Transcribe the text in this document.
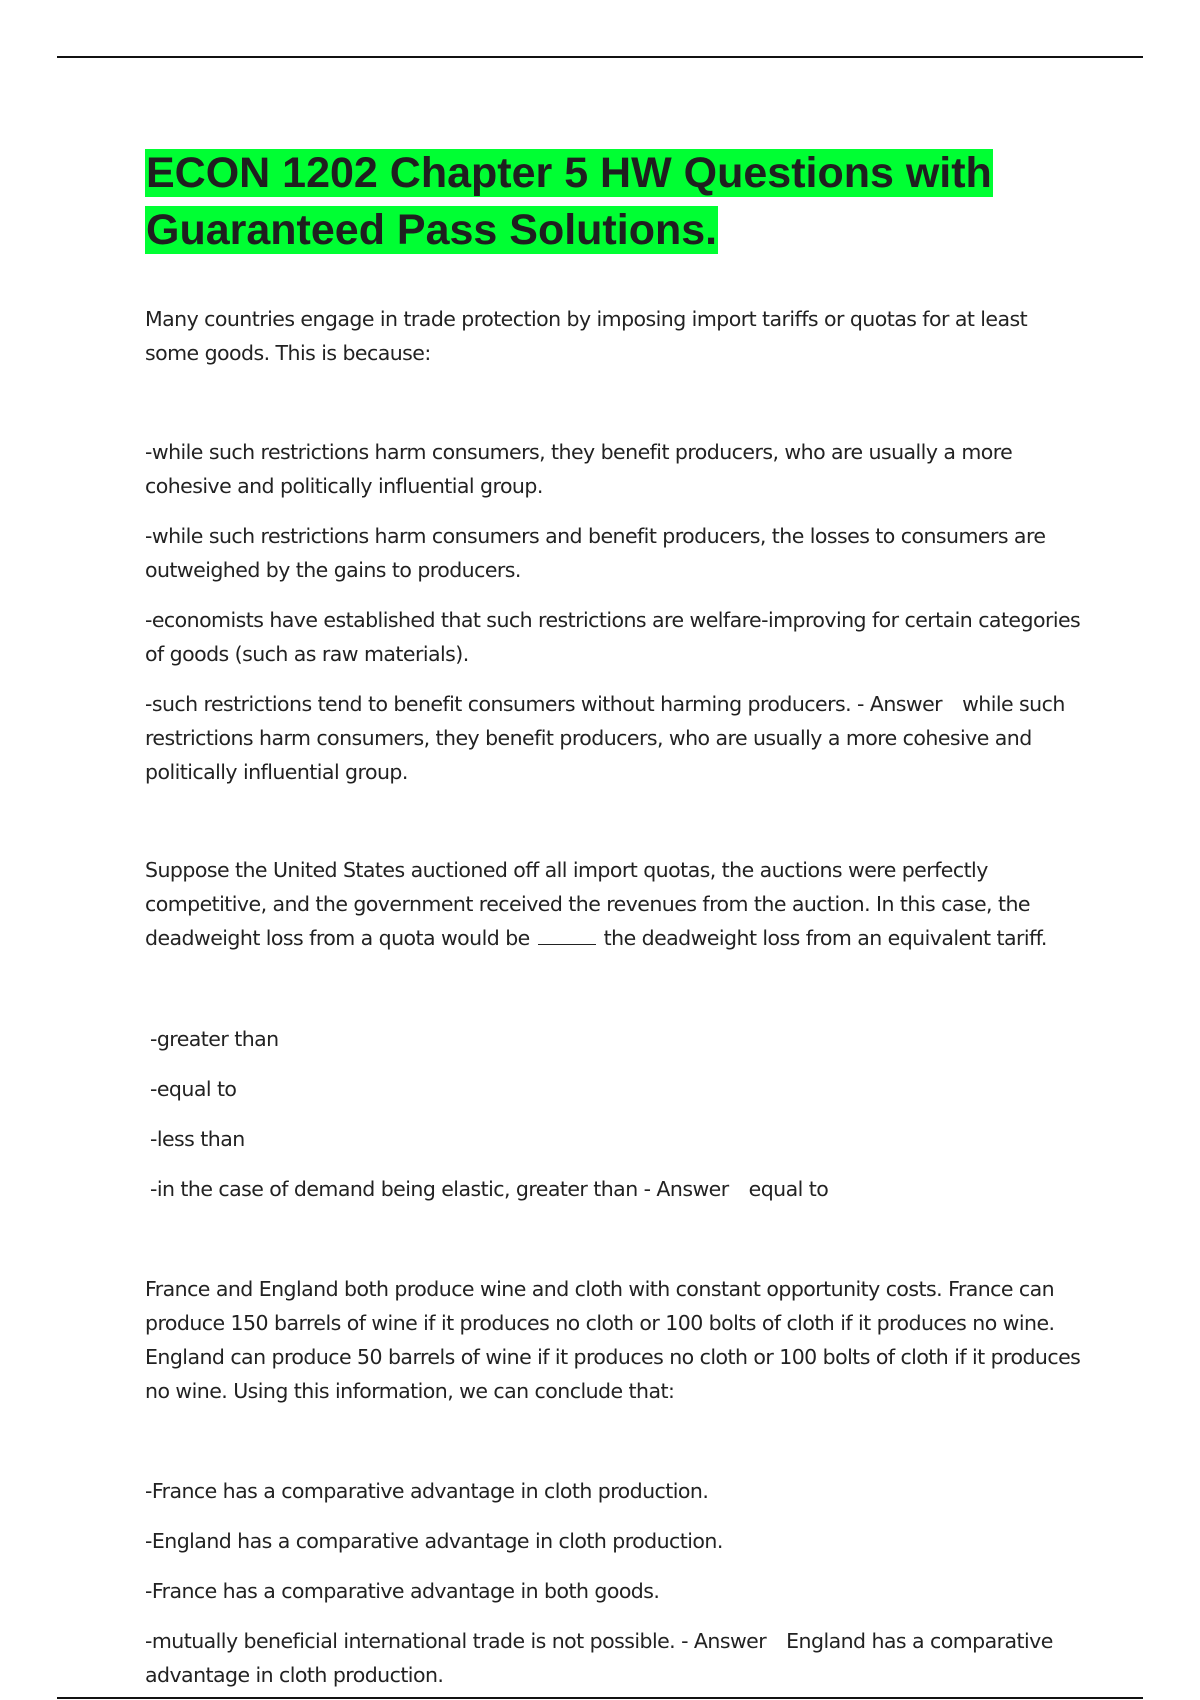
ECON 1202 Chapter 5 HW Questions with Guaranteed Pass Solutions.

Many countries engage in trade protection by imposing import tariffs or quotas for at least some goods. This is because:

-while such restrictions harm consumers, they benefit producers, who are usually a more cohesive and politically influential group.

-while such restrictions harm consumers and benefit producers, the losses to consumers are outweighed by the gains to producers.

-economists have established that such restrictions are welfare-improving for certain categories of goods (such as raw materials).

-such restrictions tend to benefit consumers without harming producers. - Answer while such restrictions harm consumers, they benefit producers, who are usually a more cohesive and politically influential group.

Suppose the United States auctioned off all import quotas, the auctions were perfectly competitive, and the government received the revenues from the auction. In this case, the deadweight loss from a quota would be	the deadweight loss from an equivalent tariff.

-greater than

-equal to

-less than

-in the case of demand being elastic, greater than - Answer equal to

France and England both produce wine and cloth with constant opportunity costs. France can produce 150 barrels of wine if it produces no cloth or 100 bolts of cloth if it produces no wine. England can produce 50 barrels of wine if it produces no cloth or 100 bolts of cloth if it produces no wine. Using this information, we can conclude that:

-France has a comparative advantage in cloth production.

-England has a comparative advantage in cloth production.

-France has a comparative advantage in both goods.

-mutually beneficial international trade is not possible. - Answer England has a comparative advantage in cloth production.
